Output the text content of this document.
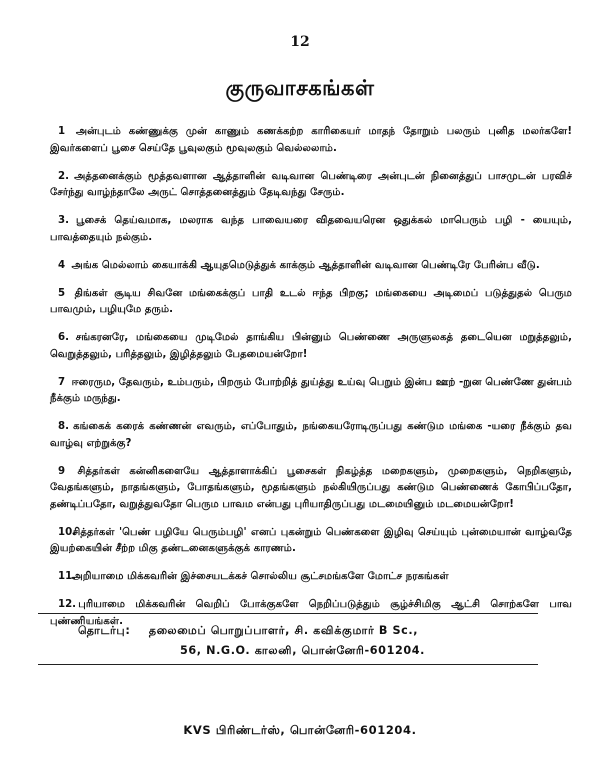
12
குருவாசகங்கள்
1 அன்புடம் கண்ணுக்கு முன் காணும் கணக்கற்ற காரிகையர் மாதந் தோறும் பலரும் புனித மலர்களே! இவர்களைப் பூசை செய்தே பூவுலகும் மூவுலகும் வெல்லலாம்.
2. அத்தனைக்கும் மூத்தவளான ஆத்தாளின் வடிவான பெண்டிரை அன்புடன் நினைத்துப் பாசமுடன் பரவிச் சேர்ந்து வாழ்ந்தாலே அருட் சொத்தனைத்தும் தேடிவந்து சேரும்.
3. பூசைக் தெய்வமாக, மலராக வந்த பாவையரை விதவையரென ஒதுக்கல் மாபெரும் பழி - யையும், பாவத்தையும் நல்கும்.
4 அங்க மெல்லாம் கையாக்கி ஆயுதமெடுத்துக் காக்கும் ஆத்தாளின் வடிவான பெண்டிரே பேரின்ப வீடு.
5 திங்கள் சூடிய சிவனே மங்கைக்குப் பாதி உடல் ஈந்த பிறகு; மங்கையை அடிமைப் படுத்துதல் பெரும பாவமும், பழியுமே தரும்.
6. சங்கரனரே, மங்கையை முடிமேல் தாங்கிய பின்னும் பெண்ணை அருளுலகத் தடையென மறுத்தலும், வெறுத்தலும், பரித்தலும், இழித்தலும் பேதமையன்றோ!
7 ஈரைரும, தேவரும், உம்பரும், பிறரும் போற்றித் துய்த்து உய்வு பெறும் இன்ப ஊற் -றுன பெண்ணே துன்பம் நீக்கும் மருந்து.
8. கங்கைக் கரைக் கண்ணன் எவரும், எப்போதும், நங்கையரோடிருப்பது கண்டும மங்கை -யரை நீக்கும் தவ வாழ்வு எற்றுக்கு?
9 சித்தர்கள் கன்னிகளையே ஆத்தாளாக்கிப் பூசைகள் நிகழ்த்த மறைகளும், முறைகளும், நெறிகளும், வேதங்களும், நாதங்களும், போதங்களும், மூதங்களும் நல்கியிருப்பது கண்டும பெண்ணைக் கோபிப்பதோ, தண்டிப்பதோ, வறுத்துவதோ பெரும பாவம என்பது புரியாதிருப்பது மடமையினும் மடமையன்றோ!
10. சித்தர்கள் 'பெண் பழியே பெரும்பழி' எனப் புகன்றும் பெண்களை இழிவு செய்யும் புன்மையான் வாழ்வதே இயற்கையின் சீற்ற மிகு தண்டனைகளுக்குக் காரணம்.
11. அறியாமை மிக்கவரின் இச்சையடக்கச் சொல்லிய சூட்சமங்களே மோட்ச நரகங்கள்
12. புரியாமை மிக்கவரின் வெறிப் போக்குகளே நெறிப்படுத்தும் சூழ்ச்சிமிகு ஆட்சி சொற்களே பாவ புண்ணியங்கள்.
தொடர்பு: தலைமைப் பொறுப்பாளர், சி. கவிக்குமார் B Sc.,
56, N.G.O. காலனி, பொன்னேரி-601204.
KVS பிரிண்டர்ஸ், பொன்னேரி-601204.
